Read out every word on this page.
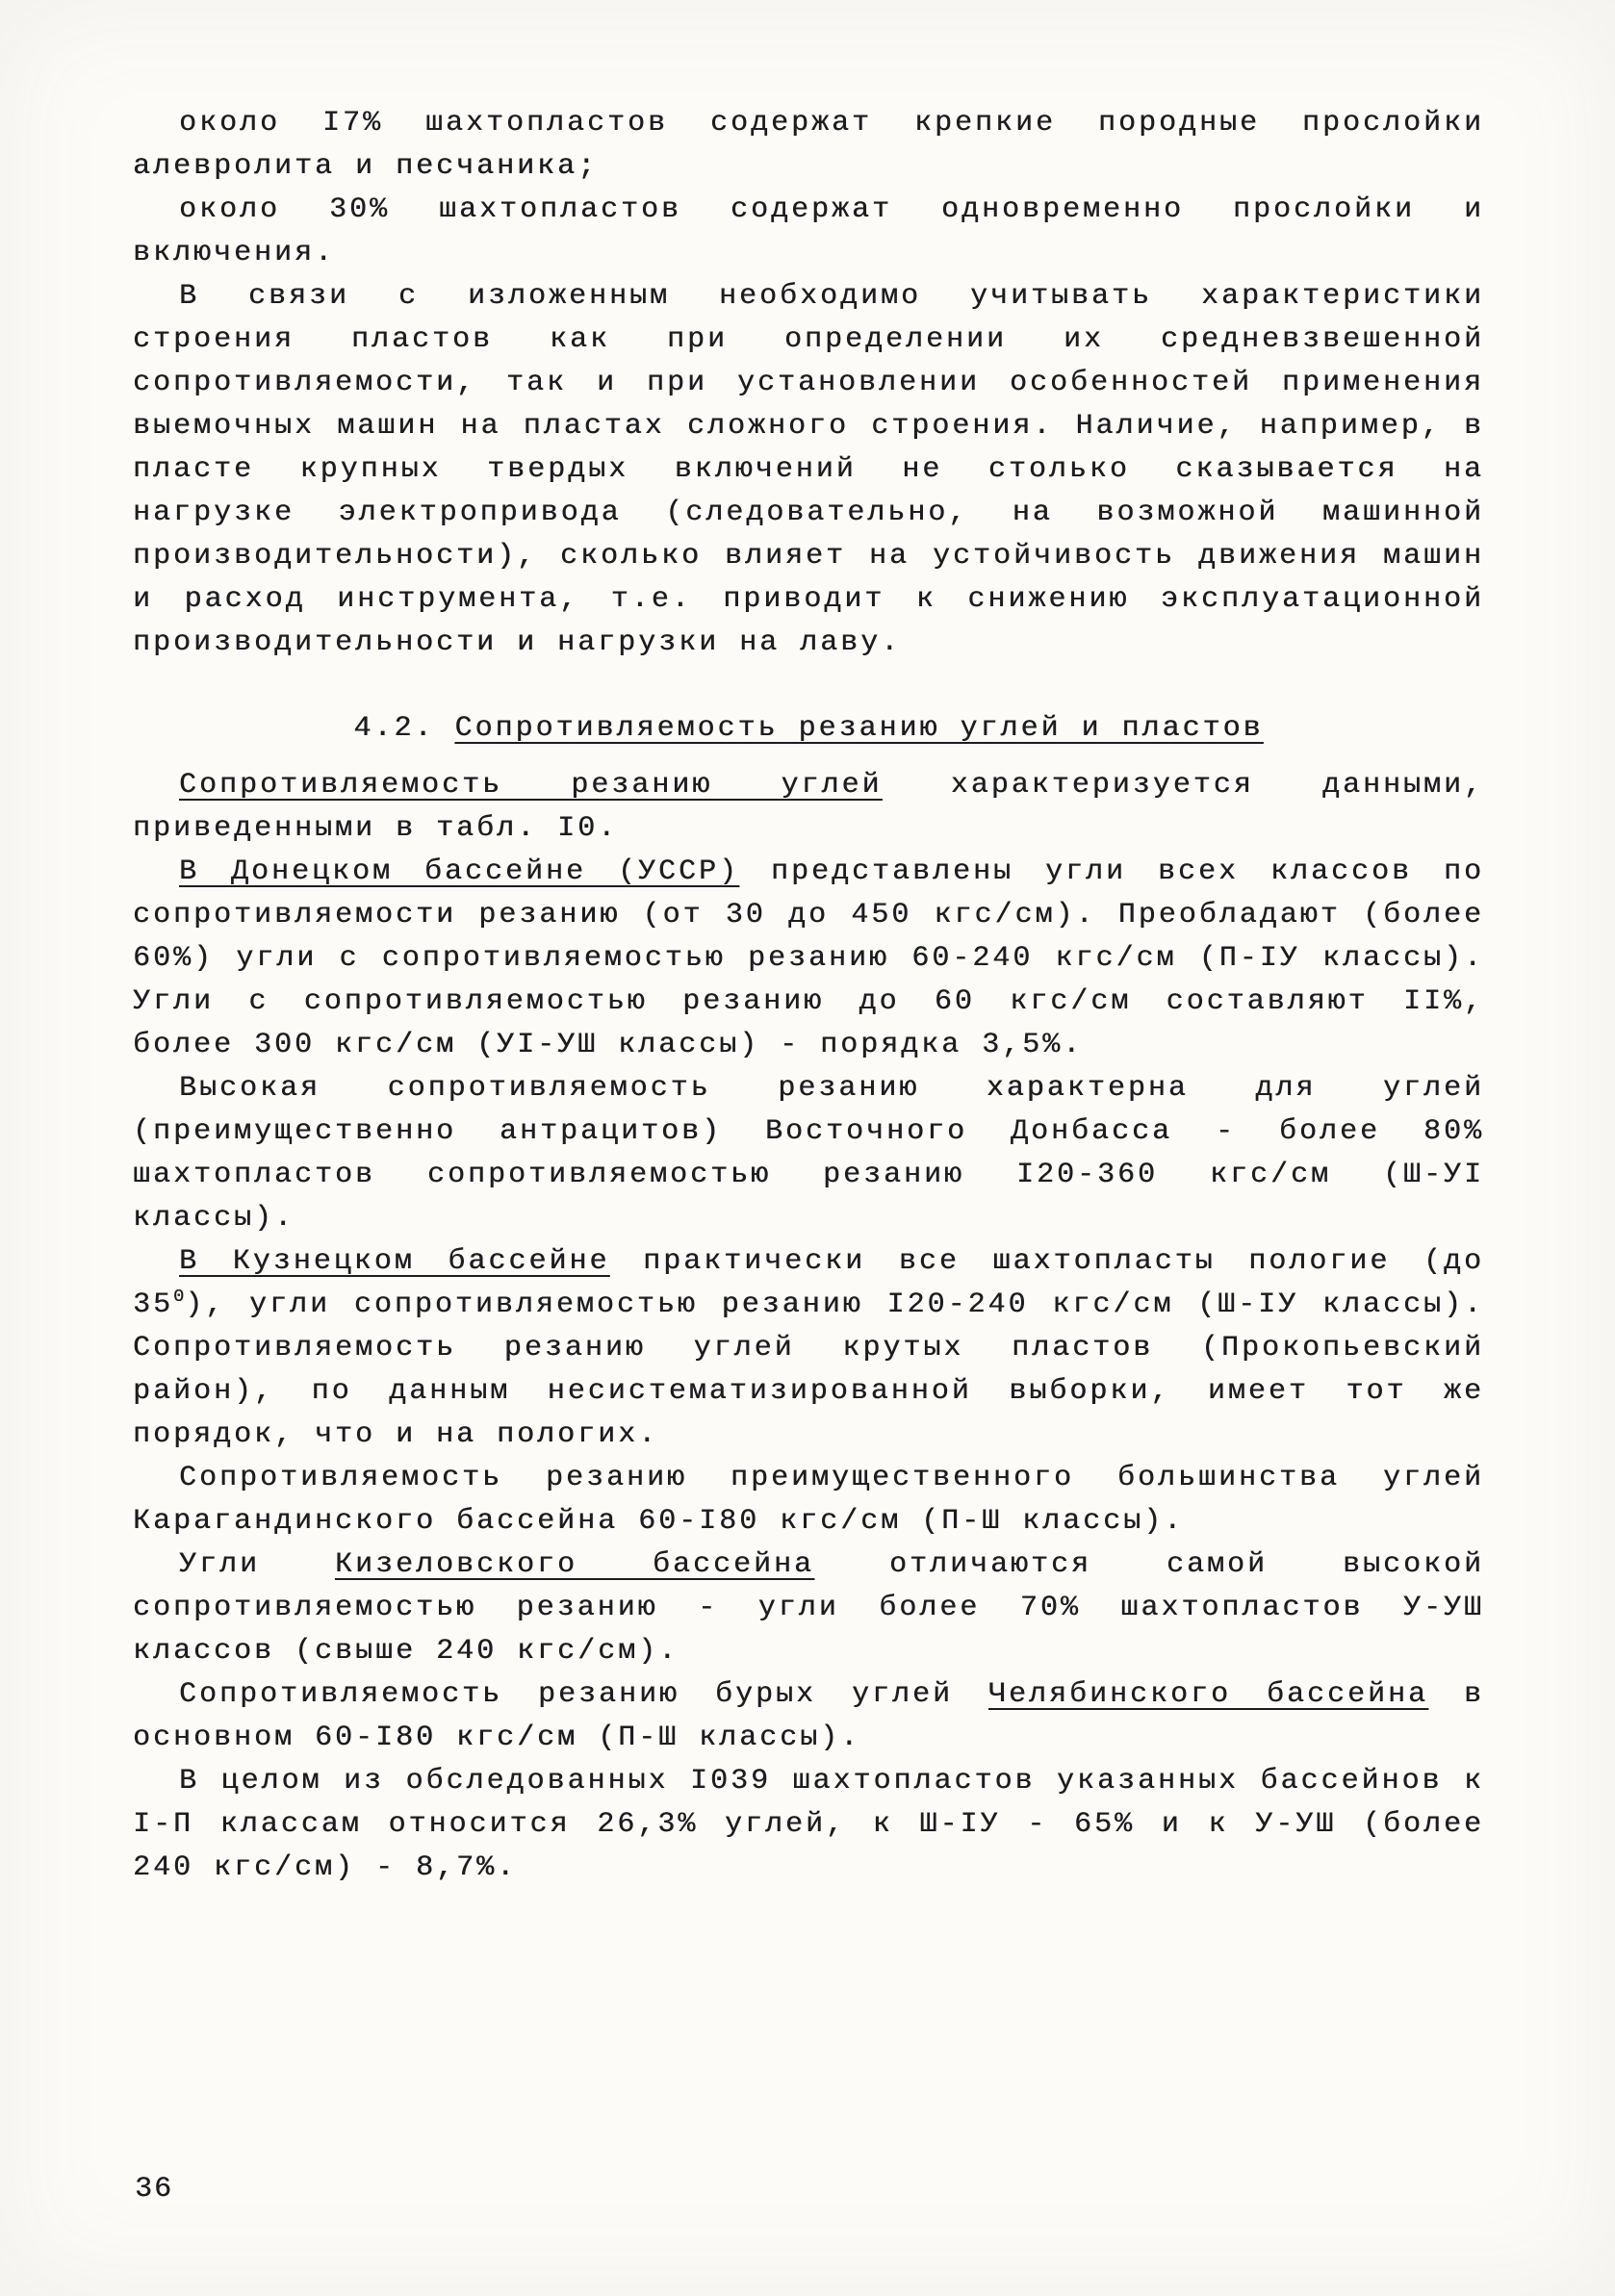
около I7% шахтопластов содержат крепкие породные прослойки алевролита и песчаника;
около 30% шахтопластов содержат одновременно прослойки и включения.
В связи с изложенным необходимо учитывать характеристики строения пластов как при определении их средневзвешенной сопротивляемости, так и при установлении особенностей применения выемочных машин на пластах сложного строения. Наличие, например, в пласте крупных твердых включений не столько сказывается на нагрузке электропривода (следовательно, на возможной машинной производительности), сколько влияет на устойчивость движения машин и расход инструмента, т.е. приводит к снижению эксплуатационной производительности и нагрузки на лаву.
4.2. Сопротивляемость резанию углей и пластов
Сопротивляемость резанию углей характеризуется данными, приведенными в табл. I0.
В Донецком бассейне (УССР) представлены угли всех классов по сопротивляемости резанию (от 30 до 450 кгс/см). Преобладают (более 60%) угли с сопротивляемостью резанию 60-240 кгс/см (П-IУ классы). Угли с сопротивляемостью резанию до 60 кгс/см составляют II%, более 300 кгс/см (УI-УШ классы) - порядка 3,5%.
Высокая сопротивляемость резанию характерна для углей (преимущественно антрацитов) Восточного Донбасса - более 80% шахтопластов сопротивляемостью резанию I20-360 кгс/см (Ш-УI классы).
В Кузнецком бассейне практически все шахтопласты пологие (до $35^0$), угли сопротивляемостью резанию I20-240 кгс/см (Ш-IУ классы). Сопротивляемость резанию углей крутых пластов (Прокопьевский район), по данным несистематизированной выборки, имеет тот же порядок, что и на пологих.
Сопротивляемость резанию преимущественного большинства углей Карагандинского бассейна 60-I80 кгс/см (П-Ш классы).
Угли Кизеловского бассейна отличаются самой высокой сопротивляемостью резанию - угли более 70% шахтопластов У-УШ классов (свыше 240 кгс/см).
Сопротивляемость резанию бурых углей Челябинского бассейна в основном 60-I80 кгс/см (П-Ш классы).
В целом из обследованных I039 шахтопластов указанных бассейнов к I-П классам относится 26,3% углей, к Ш-IУ - 65% и к У-УШ (более 240 кгс/см) - 8,7%.
36
